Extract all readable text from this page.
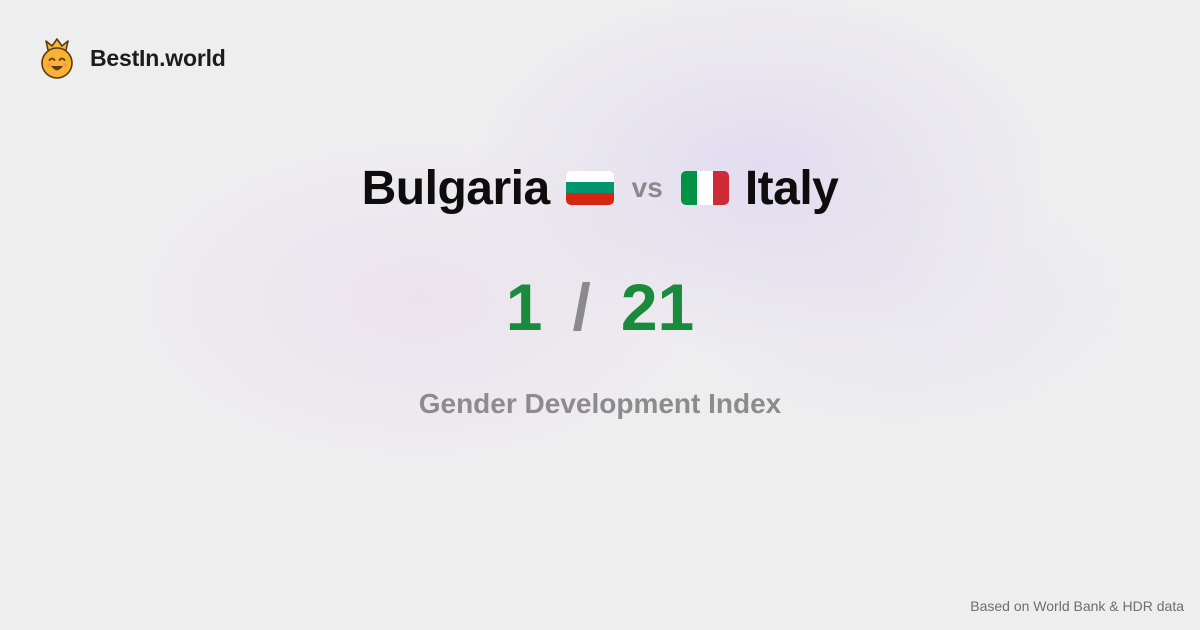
BestIn.world
Bulgaria	vs Italy
1 / 21
Gender Development Index
Based on World Bank & HDR data
